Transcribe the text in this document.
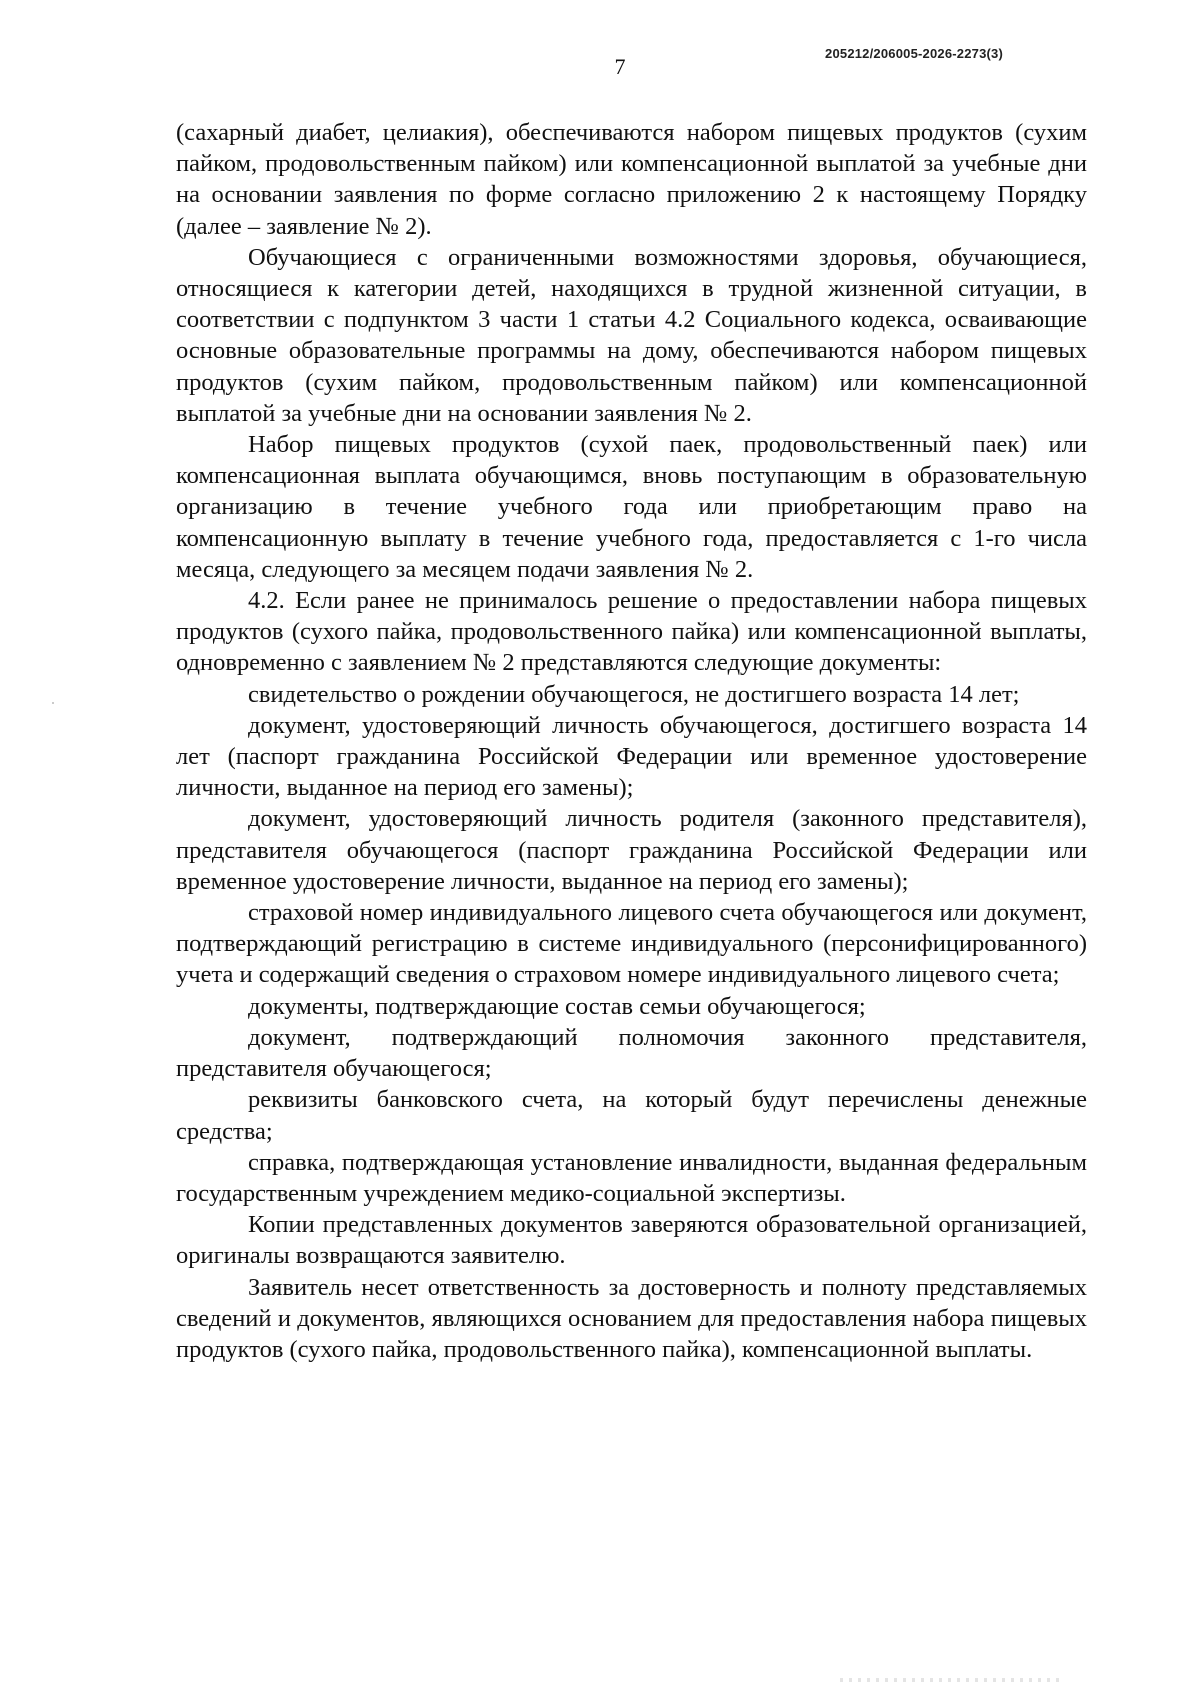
205212/206005-2026-2273(3)
7

(сахарный диабет, целиакия), обеспечиваются набором пищевых продуктов (сухим пайком, продовольственным пайком) или компенсационной выплатой за учебные дни на основании заявления по форме согласно приложению 2 к настоящему Порядку (далее – заявление № 2).

Обучающиеся с ограниченными возможностями здоровья, обучающиеся, относящиеся к категории детей, находящихся в трудной жизненной ситуации, в соответствии с подпунктом 3 части 1 статьи 4.2 Социального кодекса, осваивающие основные образовательные программы на дому, обеспечиваются набором пищевых продуктов (сухим пайком, продовольственным пайком) или компенсационной выплатой за учебные дни на основании заявления № 2.

Набор пищевых продуктов (сухой паек, продовольственный паек) или компенсационная выплата обучающимся, вновь поступающим в образовательную организацию в течение учебного года или приобретающим право на компенсационную выплату в течение учебного года, предоставляется с 1-го числа месяца, следующего за месяцем подачи заявления № 2.

4.2. Если ранее не принималось решение о предоставлении набора пищевых продуктов (сухого пайка, продовольственного пайка) или компенсационной выплаты, одновременно с заявлением № 2 представляются следующие документы:

свидетельство о рождении обучающегося, не достигшего возраста 14 лет;

документ, удостоверяющий личность обучающегося, достигшего возраста 14 лет (паспорт гражданина Российской Федерации или временное удостоверение личности, выданное на период его замены);

документ, удостоверяющий личность родителя (законного представителя), представителя обучающегося (паспорт гражданина Российской Федерации или временное удостоверение личности, выданное на период его замены);

страховой номер индивидуального лицевого счета обучающегося или документ, подтверждающий регистрацию в системе индивидуального (персонифицированного) учета и содержащий сведения о страховом номере индивидуального лицевого счета;

документы, подтверждающие состав семьи обучающегося;

документ, подтверждающий полномочия законного представителя, представителя обучающегося;

реквизиты банковского счета, на который будут перечислены денежные средства;

справка, подтверждающая установление инвалидности, выданная федеральным государственным учреждением медико-социальной экспертизы.

Копии представленных документов заверяются образовательной организацией, оригиналы возвращаются заявителю.

Заявитель несет ответственность за достоверность и полноту представляемых сведений и документов, являющихся основанием для предоставления набора пищевых продуктов (сухого пайка, продовольственного пайка), компенсационной выплаты.
